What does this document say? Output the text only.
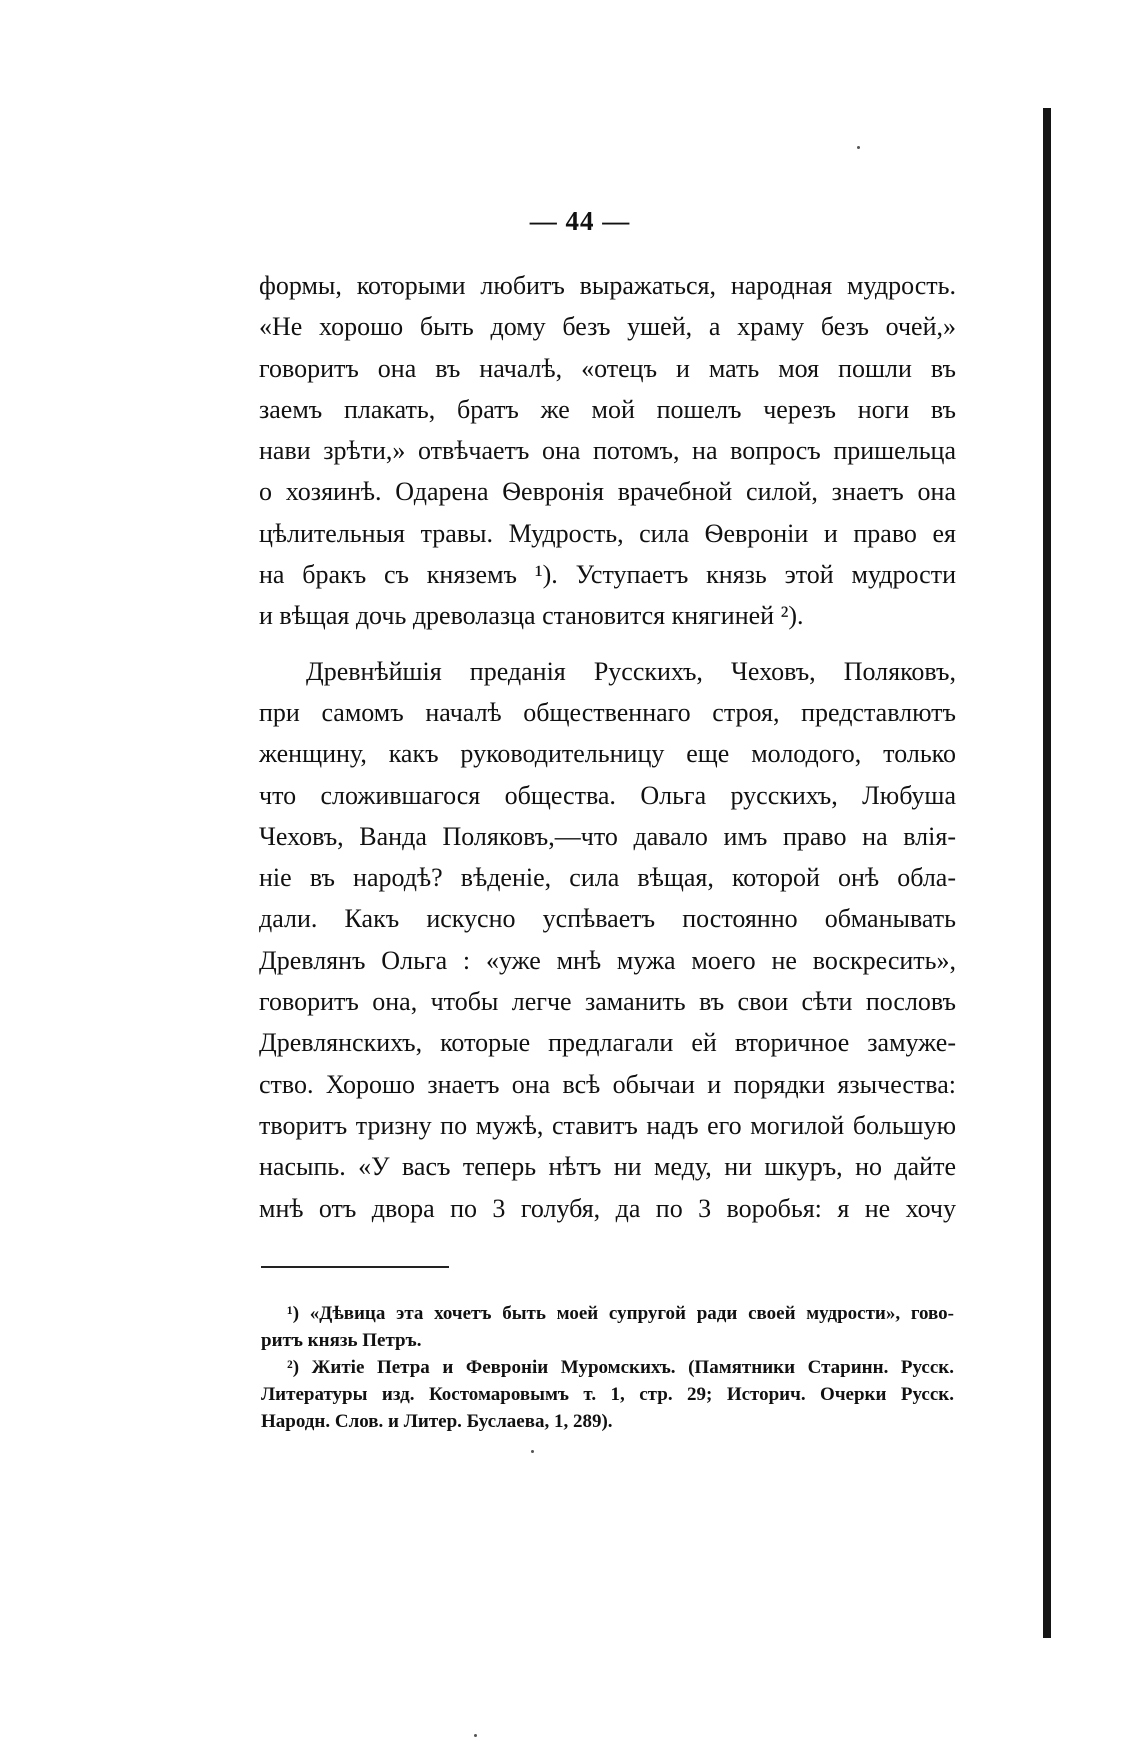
— 44 —
формы, которыми любитъ выражаться, народная мудрость.
«Не хорошо быть дому безъ ушей, а храму безъ очей,»
говоритъ она въ началѣ, «отецъ и мать моя пошли въ
заемъ плакать, братъ же мой пошелъ черезъ ноги въ
нави зрѣти,» отвѣчаетъ она потомъ, на вопросъ пришельца
о хозяинѣ. Одарена Ѳевронія врачебной силой, знаетъ она
цѣлительныя травы. Мудрость, сила Ѳевроніи и право ея
на бракъ съ княземъ ¹). Уступаетъ князь этой мудрости
и вѣщая дочь древолазца становится княгиней ²).
Древнѣйшія преданія Русскихъ, Чеховъ, Поляковъ,
при самомъ началѣ общественнаго строя, представлютъ
женщину, какъ руководительницу еще молодого, только
что сложившагося общества. Ольга русскихъ, Любуша
Чеховъ, Ванда Поляковъ,—что давало имъ право на влія-
ніе въ народѣ? вѣденіе, сила вѣщая, которой онѣ обла-
дали. Какъ искусно успѣваетъ постоянно обманывать
Древлянъ Ольга : «уже мнѣ мужа моего не воскресить»,
говоритъ она, чтобы легче заманить въ свои сѣти пословъ
Древлянскихъ, которые предлагали ей вторичное замуже-
ство. Хорошо знаетъ она всѣ обычаи и порядки язычества:
творитъ тризну по мужѣ, ставитъ надъ его могилой большую
насыпь. «У васъ теперь нѣтъ ни меду, ни шкуръ, но дайте
мнѣ отъ двора по 3 голубя, да по 3 воробья: я не хочу
¹) «Дѣвица эта хочетъ быть моей супругой ради своей мудрости», гово-
ритъ князь Петръ.
²) Житіе Петра и Февроніи Муромскихъ. (Памятники Старинн. Русск.
Литературы изд. Костомаровымъ т. 1, стр. 29; Историч. Очерки Русск.
Народн. Слов. и Литер. Буслаева, 1, 289).
